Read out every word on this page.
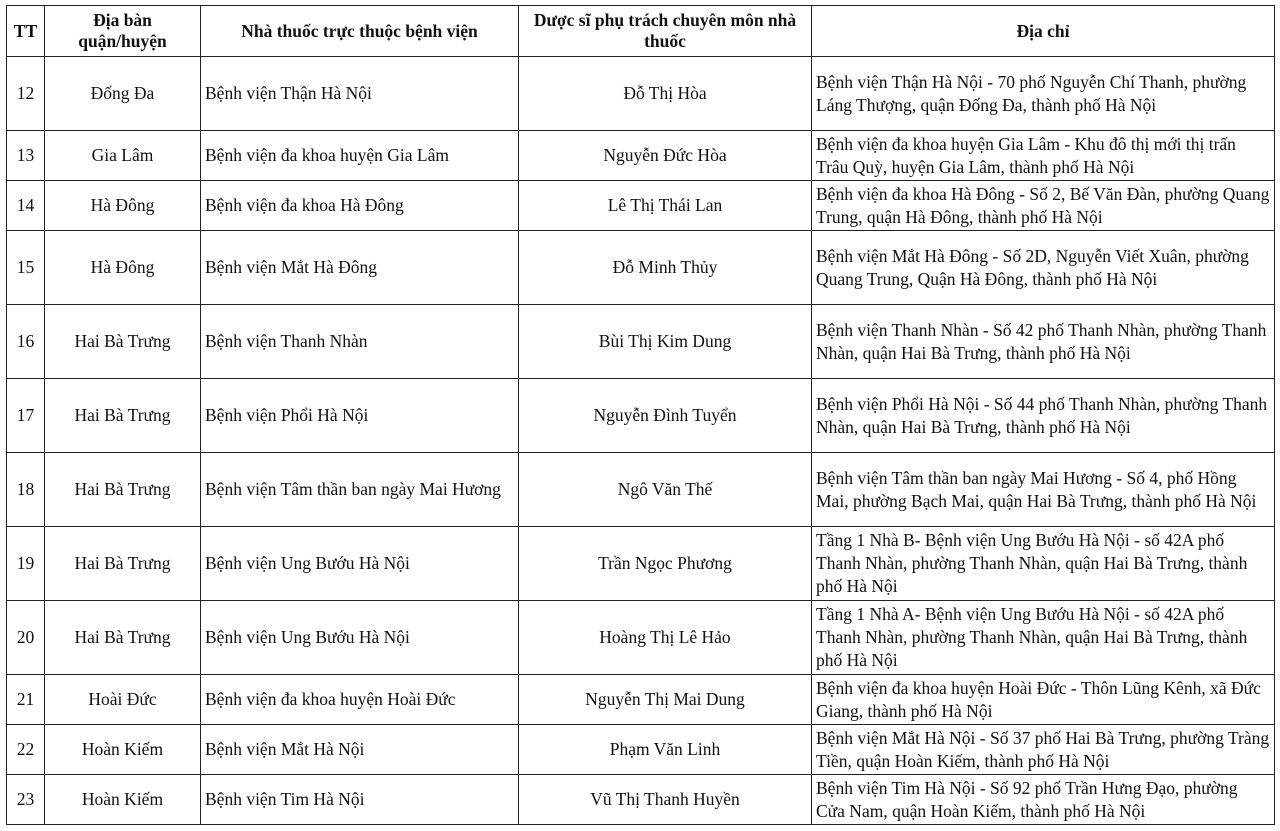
TT	Địa bàn quận/huyện	Nhà thuốc trực thuộc bệnh viện	Dược sĩ phụ trách chuyên môn nhà thuốc	Địa chỉ
12	Đống Đa	Bệnh viện Thận Hà Nội	Đỗ Thị Hòa	Bệnh viện Thận Hà Nội - 70 phố Nguyễn Chí Thanh, phường Láng Thượng, quận Đống Đa, thành phố Hà Nội
13	Gia Lâm	Bệnh viện đa khoa huyện Gia Lâm	Nguyễn Đức Hòa	Bệnh viện đa khoa huyện Gia Lâm - Khu đô thị mới thị trấn Trâu Quỳ, huyện Gia Lâm, thành phố Hà Nội
14	Hà Đông	Bệnh viện đa khoa Hà Đông	Lê Thị Thái Lan	Bệnh viện đa khoa Hà Đông - Số 2, Bế Văn Đàn, phường Quang Trung, quận Hà Đông, thành phố Hà Nội
15	Hà Đông	Bệnh viện Mắt Hà Đông	Đỗ Minh Thủy	Bệnh viện Mắt Hà Đông - Số 2D, Nguyễn Viết Xuân, phường Quang Trung, Quận Hà Đông, thành phố Hà Nội
16	Hai Bà Trưng	Bệnh viện Thanh Nhàn	Bùi Thị Kim Dung	Bệnh viện Thanh Nhàn - Số 42 phố Thanh Nhàn, phường Thanh Nhàn, quận Hai Bà Trưng, thành phố Hà Nội
17	Hai Bà Trưng	Bệnh viện Phổi Hà Nội	Nguyễn Đình Tuyển	Bệnh viện Phổi Hà Nội - Số 44 phố Thanh Nhàn, phường Thanh Nhàn, quận Hai Bà Trưng, thành phố Hà Nội
18	Hai Bà Trưng	Bệnh viện Tâm thần ban ngày Mai Hương	Ngô Văn Thế	Bệnh viện Tâm thần ban ngày Mai Hương - Số 4, phố Hồng Mai, phường Bạch Mai, quận Hai Bà Trưng, thành phố Hà Nội
19	Hai Bà Trưng	Bệnh viện Ung Bướu Hà Nội	Trần Ngọc Phương	Tầng 1 Nhà B- Bệnh viện Ung Bướu Hà Nội - số 42A phố Thanh Nhàn, phường Thanh Nhàn, quận Hai Bà Trưng, thành phố Hà Nội
20	Hai Bà Trưng	Bệnh viện Ung Bướu Hà Nội	Hoàng Thị Lê Hảo	Tầng 1 Nhà A- Bệnh viện Ung Bướu Hà Nội - số 42A phố Thanh Nhàn, phường Thanh Nhàn, quận Hai Bà Trưng, thành phố Hà Nội
21	Hoài Đức	Bệnh viện đa khoa huyện Hoài Đức	Nguyễn Thị Mai Dung	Bệnh viện đa khoa huyện Hoài Đức - Thôn Lũng Kênh, xã Đức Giang, thành phố Hà Nội
22	Hoàn Kiếm	Bệnh viện Mắt Hà Nội	Phạm Văn Linh	Bệnh viện Mắt Hà Nội - Số 37 phố Hai Bà Trưng, phường Tràng Tiền, quận Hoàn Kiếm, thành phố Hà Nội
23	Hoàn Kiếm	Bệnh viện Tim Hà Nội	Vũ Thị Thanh Huyền	Bệnh viện Tim Hà Nội - Số 92 phố Trần Hưng Đạo, phường Cửa Nam, quận Hoàn Kiếm, thành phố Hà Nội
